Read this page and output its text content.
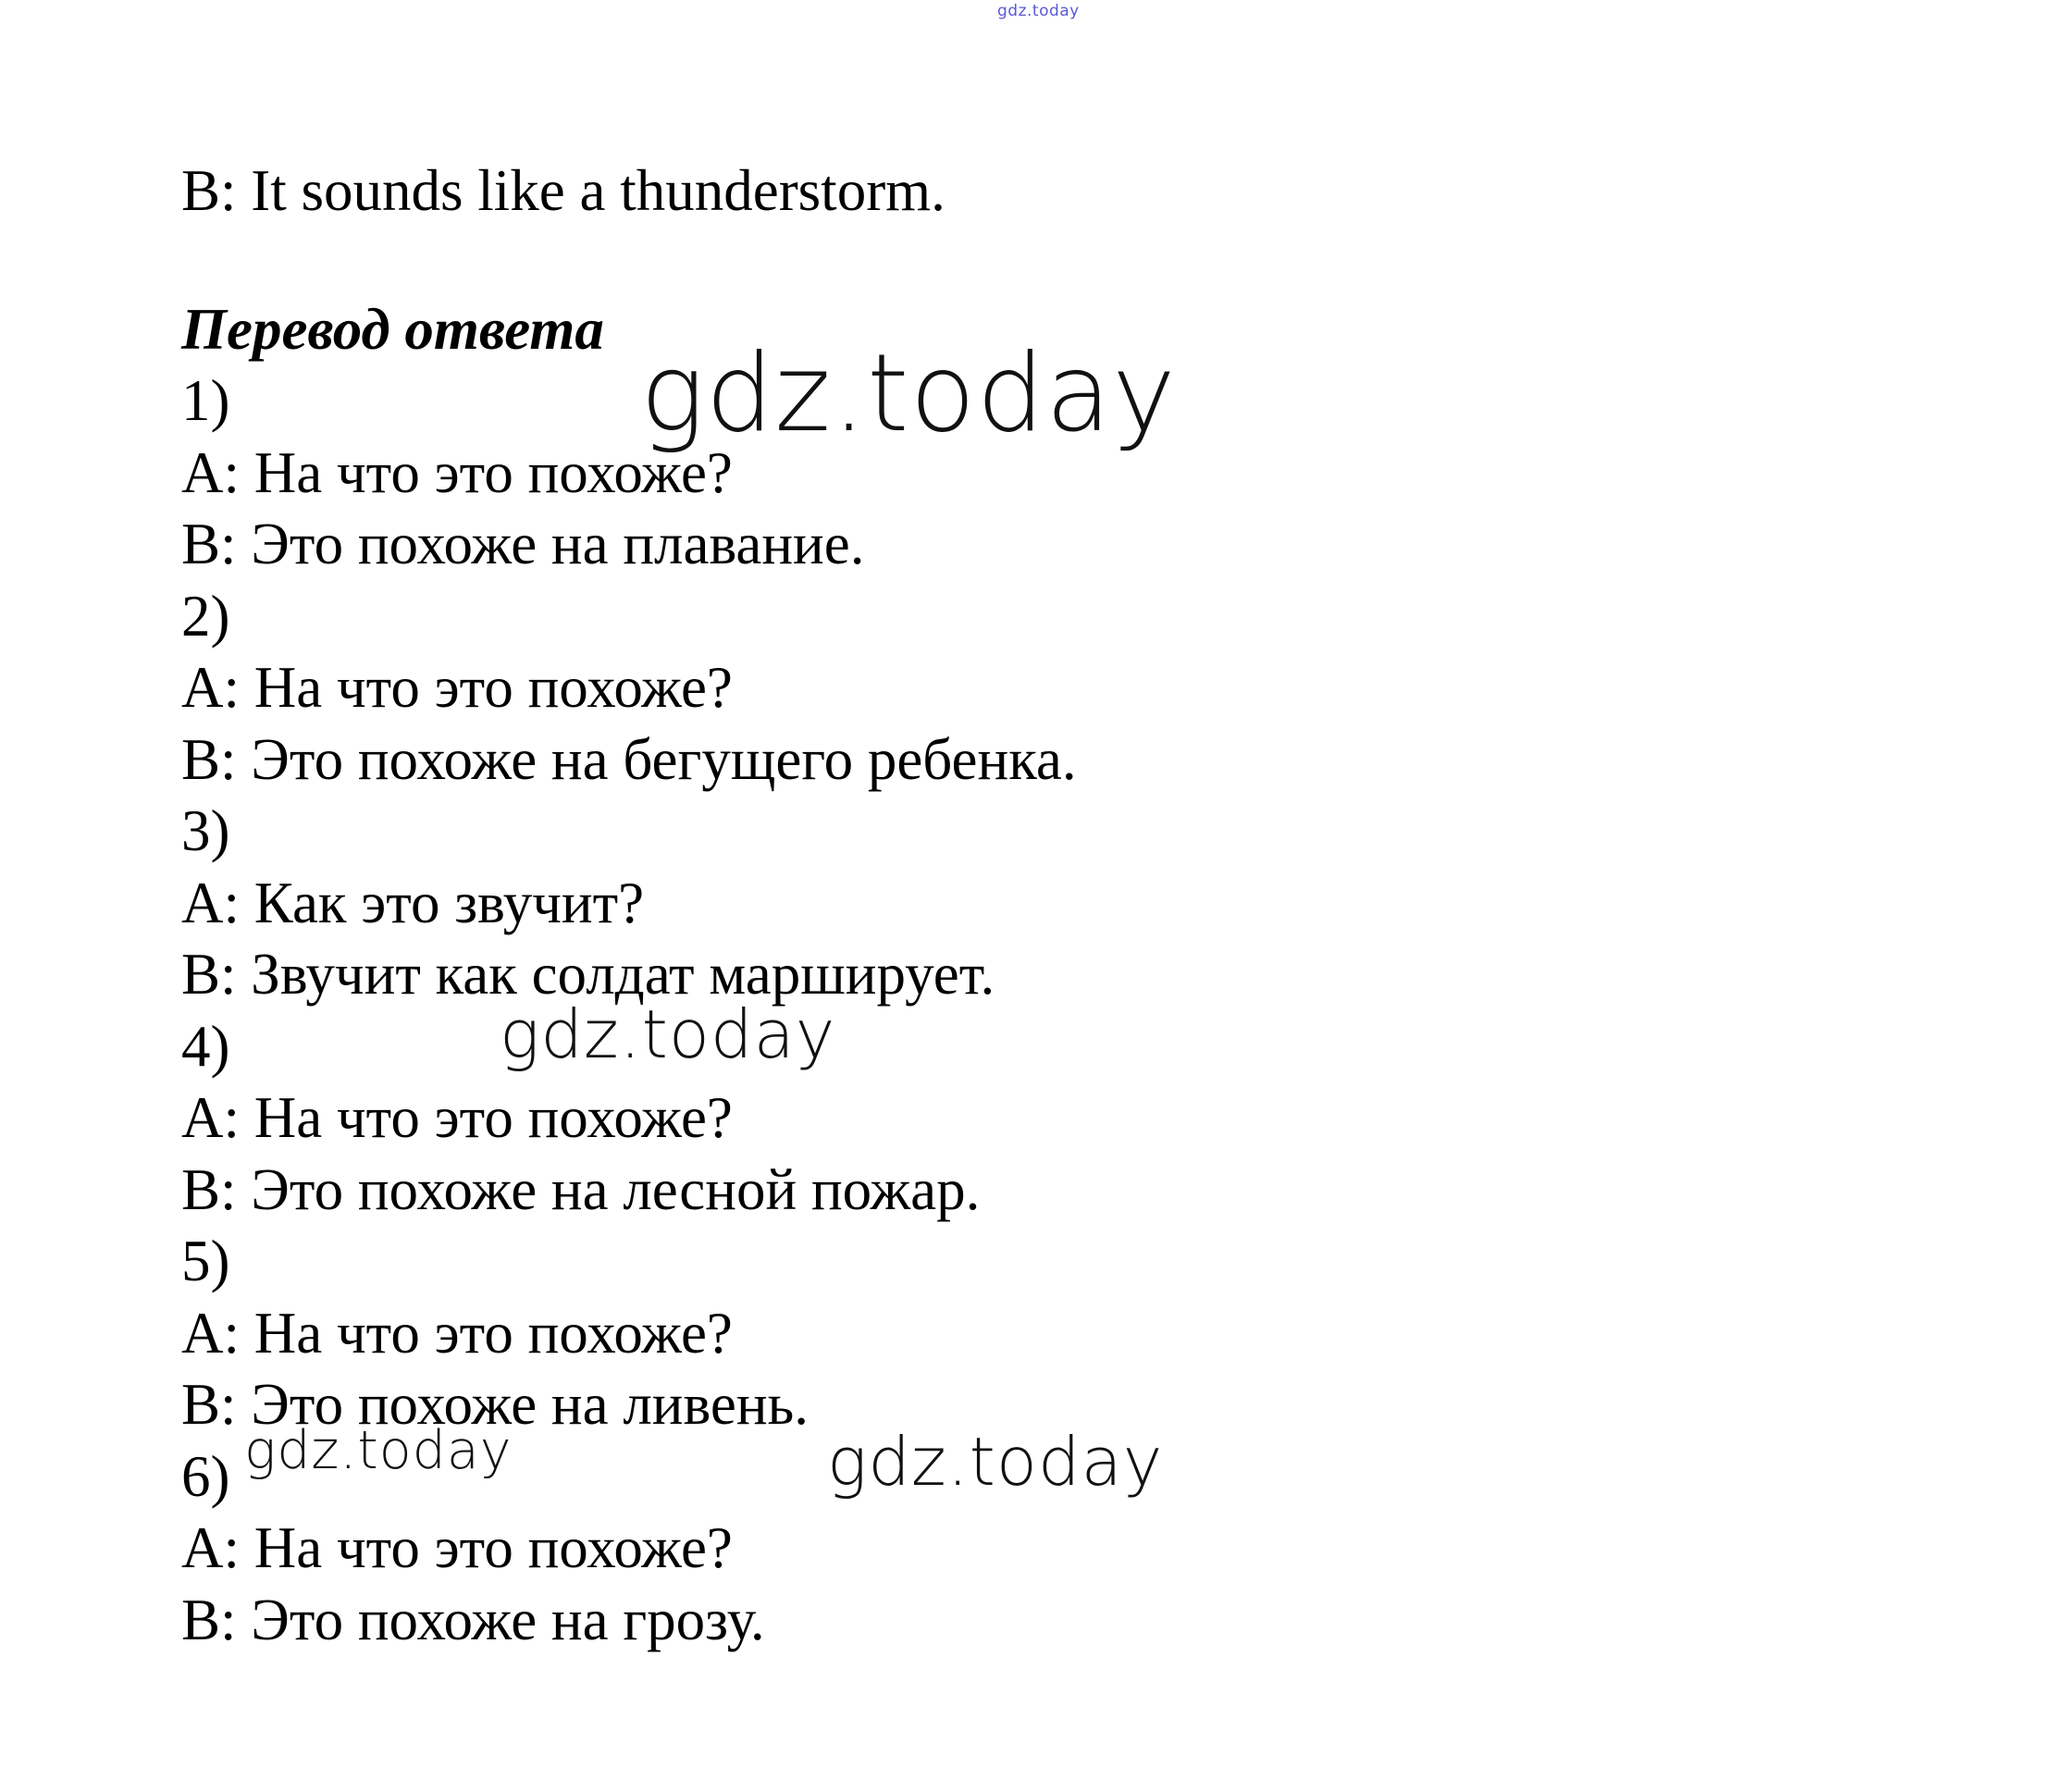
gdz.today
B: It sounds like a thunderstorm.
Перевод ответа
1)
А: На что это похоже?
В: Это похоже на плавание.
2)
А: На что это похоже?
В: Это похоже на бегущего ребенка.
3)
А: Как это звучит?
В: Звучит как солдат марширует.
4)
А: На что это похоже?
В: Это похоже на лесной пожар.
5)
А: На что это похоже?
В: Это похоже на ливень.
6)
А: На что это похоже?
В: Это похоже на грозу.
gdz.today
gdz.today
gdz.today	gdz.today
